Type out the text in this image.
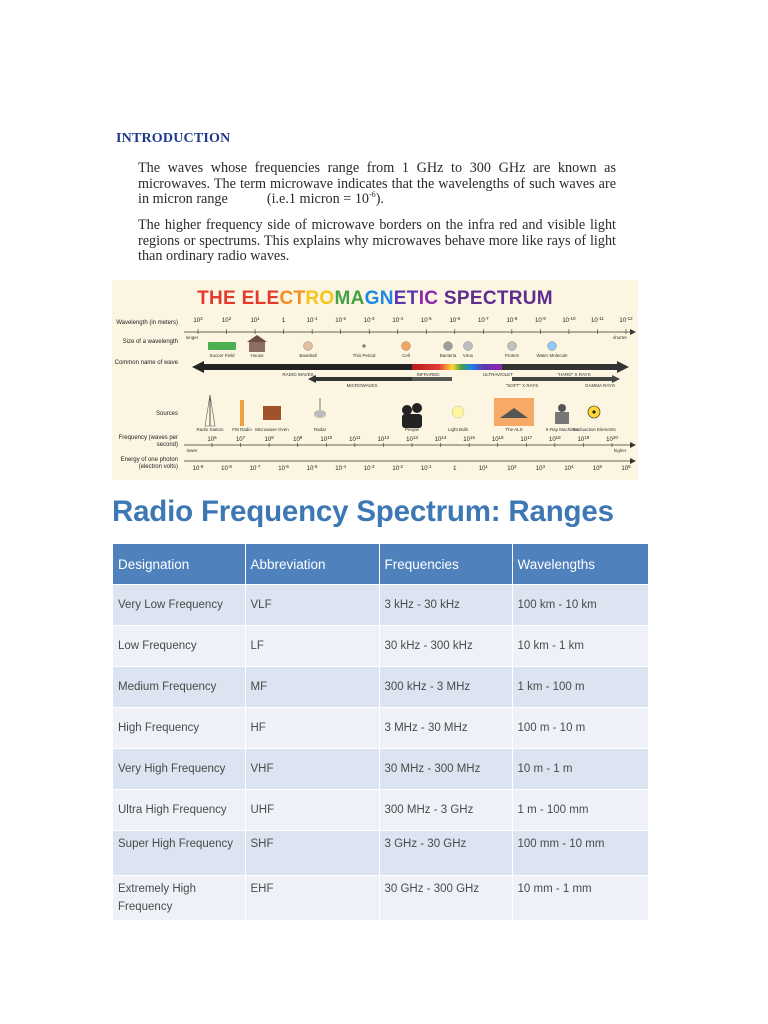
INTRODUCTION
The waves whose frequencies range from 1 GHz to 300 GHz are known as microwaves. The term microwave indicates that the wavelengths of such waves are in micron range	(i.e.1 micron = $10^{-6}$).
The higher frequency side of microwave borders on the infra red and visible light regions or spectrums. This explains why microwaves behave more like rays of light than ordinary radio waves.
THE ELECTROMAGNETIC SPECTRUM
Wavelength (in meters)
Size of a wavelength
Common name of wave
Sources
Frequency (waves per second)
Energy of one photon (electron volts)
$10^3$	$10^2$	$10^1$	1	$10^{-1}$	$10^{-2}$	$10^{-3}$	$10^{-4}$	$10^{-5}$	$10^{-6}$	$10^{-7}$	$10^{-8}$	$10^{-9}$	$10^{-10}$	$10^{-11}$	$10^{-12}$
longer	shorter
Soccer Field	House	Baseball	This Period	Cell	Bacteria Virus	Protein	Water Molecule
RADIO WAVES	INFRARED	ULTRAVIOLET
MICROWAVES	"SOFT" X RAYS
"HARD" X RAYS
GAMMA RAYS
Radio Station FM Radio Microwave Oven	Radar	People	Light Bulb	The ALS	X-Ray Machines
Radioactive Elements
$10^6$	$10^7$	$10^8$	$10^9$	$10^{10}$	$10^{11}$	$10^{12}$	$10^{13}$	$10^{14}$	$10^{15}$	$10^{16}$	$10^{17}$	$10^{18}$	$10^{19}$	$10^{20}$
lower	higher
$10^{-9}$	$10^{-8}$	$10^{-7}$	$10^{-6}$	$10^{-5}$	$10^{-4}$	$10^{-3}$	$10^{-2}$	$10^{-1}$	1	$10^1$	$10^2$	$10^3$	$10^4$	$10^5$	$10^6$
Radio Frequency Spectrum: Ranges
Designation	Abbreviation	Frequencies	Wavelengths
Very Low Frequency	VLF	3 kHz - 30 kHz	100 km - 10 km
Low Frequency	LF	30 kHz - 300 kHz	10 km - 1 km
Medium Frequency	MF	300 kHz - 3 MHz	1 km - 100 m
High Frequency	HF	3 MHz - 30 MHz	100 m - 10 m
Very High Frequency	VHF	30 MHz - 300 MHz	10 m - 1 m
Ultra High Frequency	UHF	300 MHz - 3 GHz	1 m - 100 mm
Super High Frequency	SHF	3 GHz - 30 GHz	100 mm - 10 mm
Extremely High Frequency	EHF	30 GHz - 300 GHz	10 mm - 1 mm
